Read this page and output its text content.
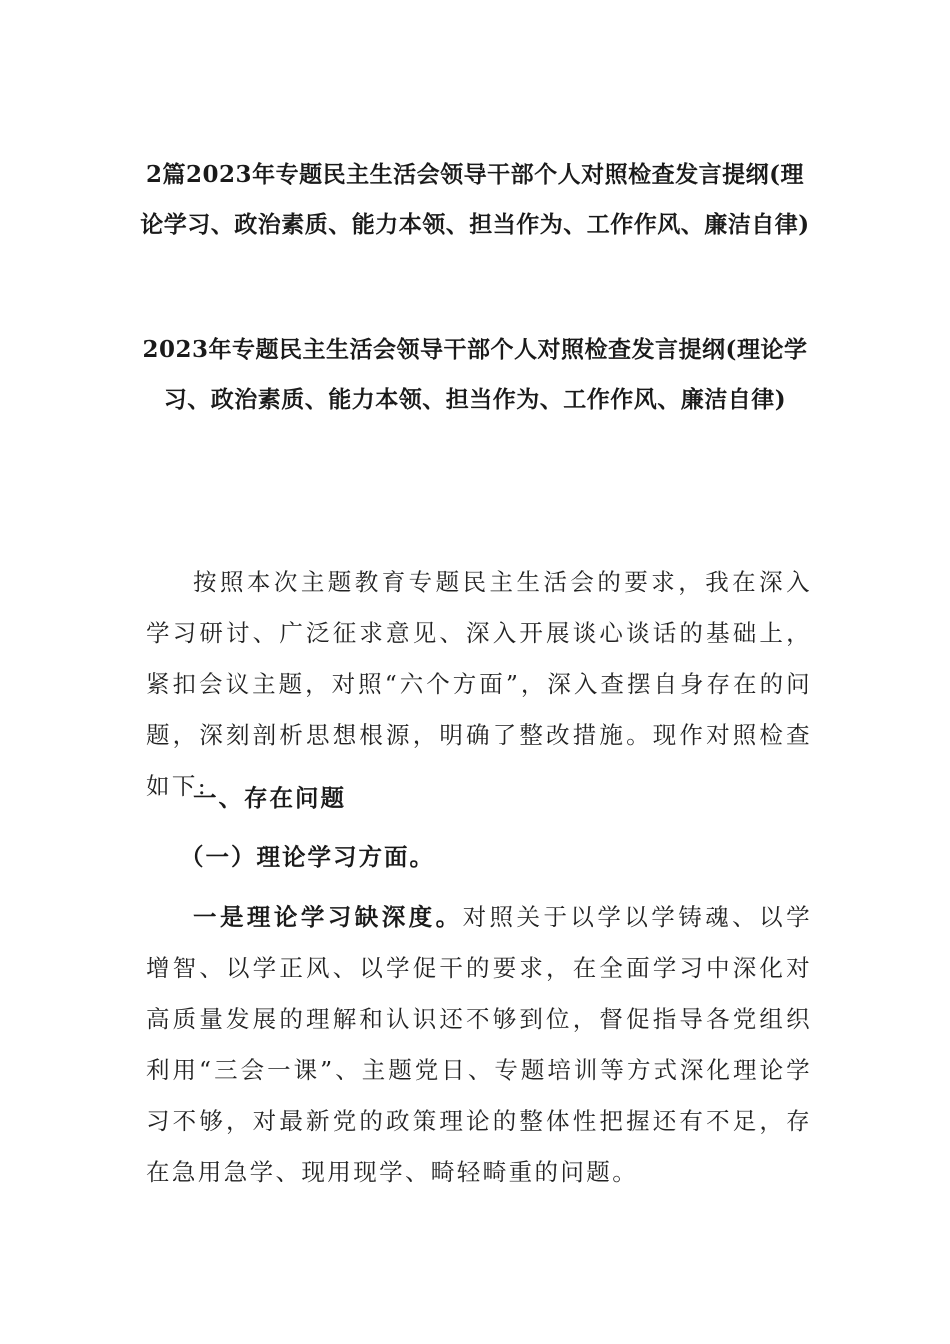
2篇2023年专题民主生活会领导干部个人对照检查发言提纲(理论学习、政治素质、能力本领、担当作为、工作作风、廉洁自律)
2023年专题民主生活会领导干部个人对照检查发言提纲(理论学习、政治素质、能力本领、担当作为、工作作风、廉洁自律)

按照本次主题教育专题民主生活会的要求，我在深入学习研讨、广泛征求意见、深入开展谈心谈话的基础上，紧扣会议主题，对照“六个方面”，深入查摆自身存在的问题，深刻剖析思想根源，明确了整改措施。现作对照检查如下:

一、存在问题
（一）理论学习方面。

一是理论学习缺深度。对照关于以学以学铸魂、以学增智、以学正风、以学促干的要求，在全面学习中深化对高质量发展的理解和认识还不够到位，督促指导各党组织利用“三会一课”、主题党日、专题培训等方式深化理论学习不够，对最新党的政策理论的整体性把握还有不足，存在急用急学、现用现学、畸轻畸重的问题。
